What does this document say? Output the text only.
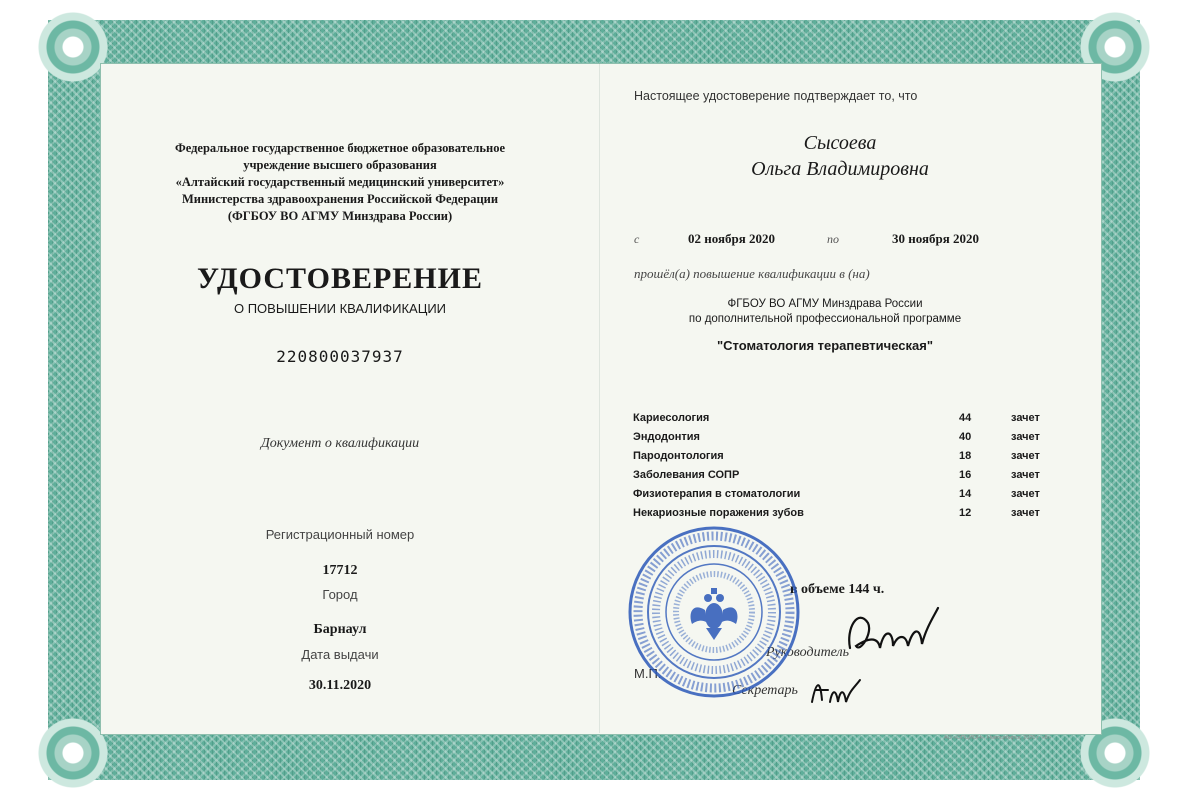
Федеральное государственное бюджетное образовательное
учреждение высшего образования
«Алтайский государственный медицинский университет»
Министерства здравоохранения Российской Федерации
(ФГБОУ ВО АГМУ Минздрава России)
УДОСТОВЕРЕНИЕ
О ПОВЫШЕНИИ КВАЛИФИКАЦИИ
220800037937
Документ о квалификации
Регистрационный номер
17712
Город
Барнаул
Дата выдачи
30.11.2020
Настоящее удостоверение подтверждает то, что
Сысоева
Ольга Владимировна
с	02 ноября 2020	по	30 ноября 2020
прошёл(а) повышение квалификации в (на)
ФГБОУ ВО АГМУ Минздрава России
по дополнительной профессиональной программе
"Стоматология терапевтическая"
Кариесология	44	зачет
Эндодонтия	40	зачет
Пародонтология	18	зачет
Заболевания СОПР	16	зачет
Физиотерапия в стоматологии	14	зачет
Некариозные поражения зубов	12	зачет
в объеме 144 ч.
Руководитель
М.П.
Секретарь
АО «ОПЦИОН», Новосибирск, 2020 г. «Б»
